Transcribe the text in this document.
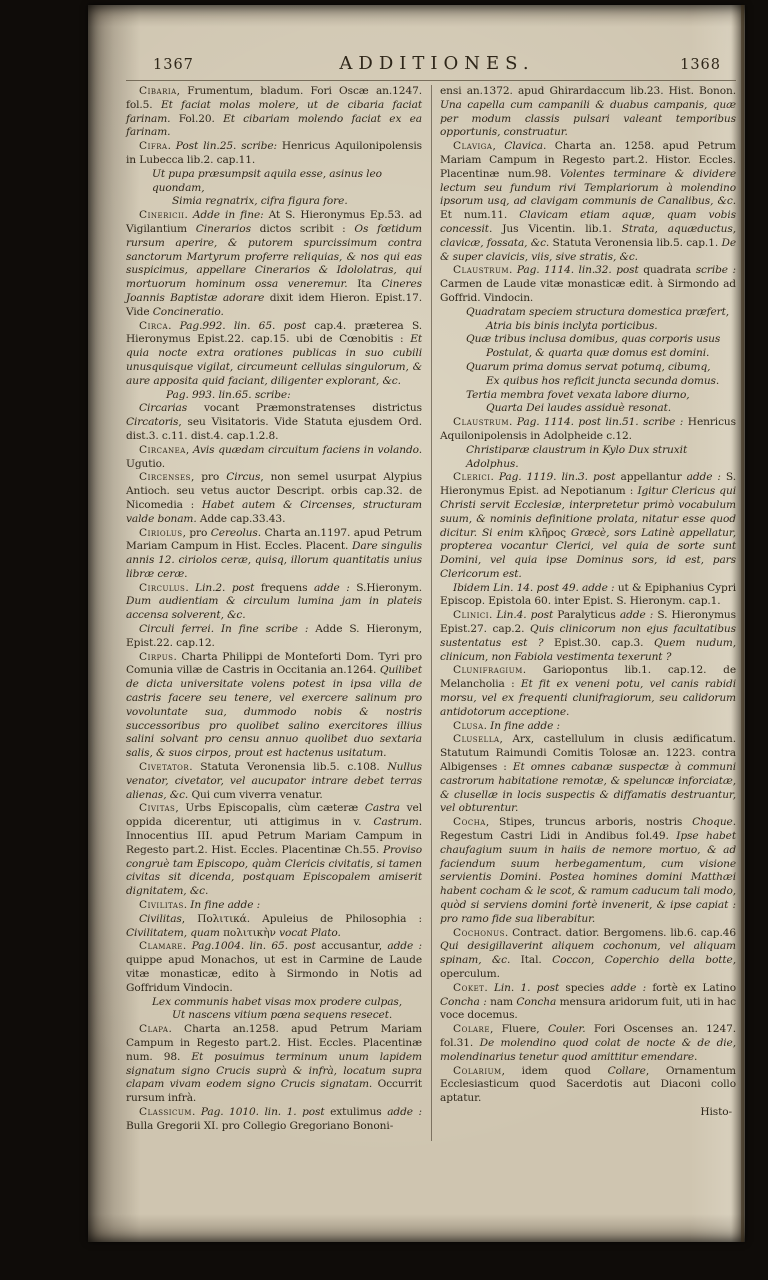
1367	ADDITIONES.	1368

Cibaria, Frumentum, bladum. Fori Oscæ an.1247. fol.5. Et faciat molas molere, ut de cibaria faciat farinam. Fol.20. Et cibariam molendo faciat ex ea farinam.

Cifra. Post lin.25. scribe: Henricus Aquilonipolensis in Lubecca lib.2. cap.11.

Ut pupa præsumpsit aquila esse, asinus leo quondam,

Simia regnatrix, cifra figura fore.

Cinericii. Adde in fine: At S. Hieronymus Ep.53. ad Vigilantium Cinerarios dictos scribit : Os fœtidum rursum aperire, & putorem spurcissimum contra sanctorum Martyrum proferre reliquias, & nos qui eas suspicimus, appellare Cinerarios & Idololatras, qui mortuorum hominum ossa veneremur. Ita Cineres Joannis Baptistæ adorare dixit idem Hieron. Epist.17. Vide Concineratio.

Circa. Pag.992. lin. 65. post cap.4. præterea S. Hieronymus Epist.22. cap.15. ubi de Cœnobitis : Et quia nocte extra orationes publicas in suo cubili unusquisque vigilat, circumeunt cellulas singulorum, & aure apposita quid faciant, diligenter explorant, &c.

Pag. 993. lin.65. scribe:

Circarias vocant Præmonstratenses districtus Circatoris, seu Visitatoris. Vide Statuta ejusdem Ord. dist.3. c.11. dist.4. cap.1.2.8.

Circanea, Avis quædam circuitum faciens in volando. Ugutio.

Circenses, pro Circus, non semel usurpat Alypius Antioch. seu vetus auctor Descript. orbis cap.32. de Nicomedia : Habet autem & Circenses, structuram valde bonam. Adde cap.33.43.

Ciriolus, pro Cereolus. Charta an.1197. apud Petrum Mariam Campum in Hist. Eccles. Placent. Dare singulis annis 12. ciriolos ceræ, quisq, illorum quantitatis unius libræ ceræ.

Circulus. Lin.2. post frequens adde : S.Hieronym. Dum audientiam & circulum lumina jam in plateis accensa solverent, &c.

Circuli ferrei. In fine scribe : Adde S. Hieronym, Epist.22. cap.12.

Cirpus. Charta Philippi de Monteforti Dom. Tyri pro Comunia villæ de Castris in Occitania an.1264. Quilibet de dicta universitate volens potest in ipsa villa de castris facere seu tenere, vel exercere salinum pro vovoluntate sua, dummodo nobis & nostris successoribus pro quolibet salino exercitores illius salini solvant pro censu annuo quolibet duo sextaria salis, & suos cirpos, prout est hactenus usitatum.

Civetator. Statuta Veronensia lib.5. c.108. Nullus venator, civetator, vel aucupator intrare debet terras alienas, &c. Qui cum viverra venatur.

Civitas, Urbs Episcopalis, cùm cæteræ Castra vel oppida dicerentur, uti attigimus in v. Castrum. Innocentius III. apud Petrum Mariam Campum in Regesto part.2. Hist. Eccles. Placentinæ Ch.55. Proviso congruè tam Episcopo, quàm Clericis civitatis, si tamen civitas sit dicenda, postquam Episcopalem amiserit dignitatem, &c.

Civilitas. In fine adde :

Civilitas, Πολιτικά. Apuleius de Philosophia : Civilitatem, quam πολιτικὴν vocat Plato.

Clamare. Pag.1004. lin. 65. post accusantur, adde : quippe apud Monachos, ut est in Carmine de Laude vitæ monasticæ, edito à Sirmondo in Notis ad Goffridum Vindocin.

Lex communis habet visas mox prodere culpas,

Ut nascens vitium pœna sequens resecet.

Clapa. Charta an.1258. apud Petrum Mariam Campum in Regesto part.2. Hist. Eccles. Placentinæ num. 98. Et posuimus terminum unum lapidem signatum signo Crucis suprà & infrà, locatum supra clapam vivam eodem signo Crucis signatam. Occurrit rursum infrà.

Classicum. Pag. 1010. lin. 1. post extulimus adde : Bulla Gregorii XI. pro Collegio Gregoriano Bononi-

ensi an.1372. apud Ghirardaccum lib.23. Hist. Bonon. Una capella cum campanili & duabus campanis, quæ per modum classis pulsari valeant temporibus opportunis, construatur.

Claviga, Clavica. Charta an. 1258. apud Petrum Mariam Campum in Regesto part.2. Histor. Eccles. Placentinæ num.98. Volentes terminare & dividere lectum seu fundum rivi Templariorum à molendino ipsorum usq, ad clavigam communis de Canalibus, &c. Et num.11. Clavicam etiam aquæ, quam vobis concessit. Jus Vicentin. lib.1. Strata, aquæductus, clavicæ, fossata, &c. Statuta Veronensia lib.5. cap.1. De & super clavicis, viis, sive stratis, &c.

Claustrum. Pag. 1114. lin.32. post quadrata scribe : Carmen de Laude vitæ monasticæ edit. à Sirmondo ad Goffrid. Vindocin.

Quadratam speciem structura domestica præfert,

Atria bis binis inclyta porticibus.

Quæ tribus inclusa domibus, quas corporis usus

Postulat, & quarta quæ domus est domini.

Quarum prima domus servat potumq, cibumq,

Ex quibus hos reficit juncta secunda domus.

Tertia membra fovet vexata labore diurno,

Quarta Dei laudes assiduè resonat.

Claustrum. Pag. 1114. post lin.51. scribe : Henricus Aquilonipolensis in Adolpheide c.12.

Christiparæ claustrum in Kylo Dux struxit Adolphus.

Clerici. Pag. 1119. lin.3. post appellantur adde : S. Hieronymus Epist. ad Nepotianum : Igitur Clericus qui Christi servit Ecclesiæ, interpretetur primò vocabulum suum, & nominis definitione prolata, nitatur esse quod dicitur. Si enim κλῆρος Græcè, sors Latinè appellatur, propterea vocantur Clerici, vel quia de sorte sunt Domini, vel quia ipse Dominus sors, id est, pars Clericorum est.

Ibidem Lin. 14. post 49. adde : ut & Epiphanius Cypri Episcop. Epistola 60. inter Epist. S. Hieronym. cap.1.

Clinici. Lin.4. post Paralyticus adde : S. Hieronymus Epist.27. cap.2. Quis clinicorum non ejus facultatibus sustentatus est ? Epist.30. cap.3. Quem nudum, clinicum, non Fabiola vestimenta texerunt ?

Clunifragium. Gariopontus lib.1. cap.12. de Melancholia : Et fit ex veneni potu, vel canis rabidi morsu, vel ex frequenti clunifragiorum, seu calidorum antidotorum acceptione.

Clusa. In fine adde :

Clusella, Arx, castellulum in clusis ædificatum. Statutum Raimundi Comitis Tolosæ an. 1223. contra Albigenses : Et omnes cabanæ suspectæ à communi castrorum habitatione remotæ, & speluncæ inforciatæ, & clusellæ in locis suspectis & diffamatis destruantur, vel obturentur.

Cocha, Stipes, truncus arboris, nostris Choque. Regestum Castri Lidi in Andibus fol.49. Ipse habet chaufagium suum in haiis de nemore mortuo, & ad faciendum suum herbegamentum, cum visione servientis Domini. Postea homines domini Matthæi habent cocham & le scot, & ramum caducum tali modo, quòd si serviens domini fortè invenerit, & ipse capiat : pro ramo fide sua liberabitur.

Cochonus. Contract. datior. Bergomens. lib.6. cap.46 Qui desigillaverint aliquem cochonum, vel aliquam spinam, &c. Ital. Coccon, Coperchio della botte, operculum.

Coket. Lin. 1. post species adde : fortè ex Latino Concha : nam Concha mensura aridorum fuit, uti in hac voce docemus.

Colare, Fluere, Couler. Fori Oscenses an. 1247. fol.31. De molendino quod colat de nocte & de die, molendinarius tenetur quod amittitur emendare.

Colarium, idem quod Collare, Ornamentum Ecclesiasticum quod Sacerdotis aut Diaconi collo aptatur.

Histo-
